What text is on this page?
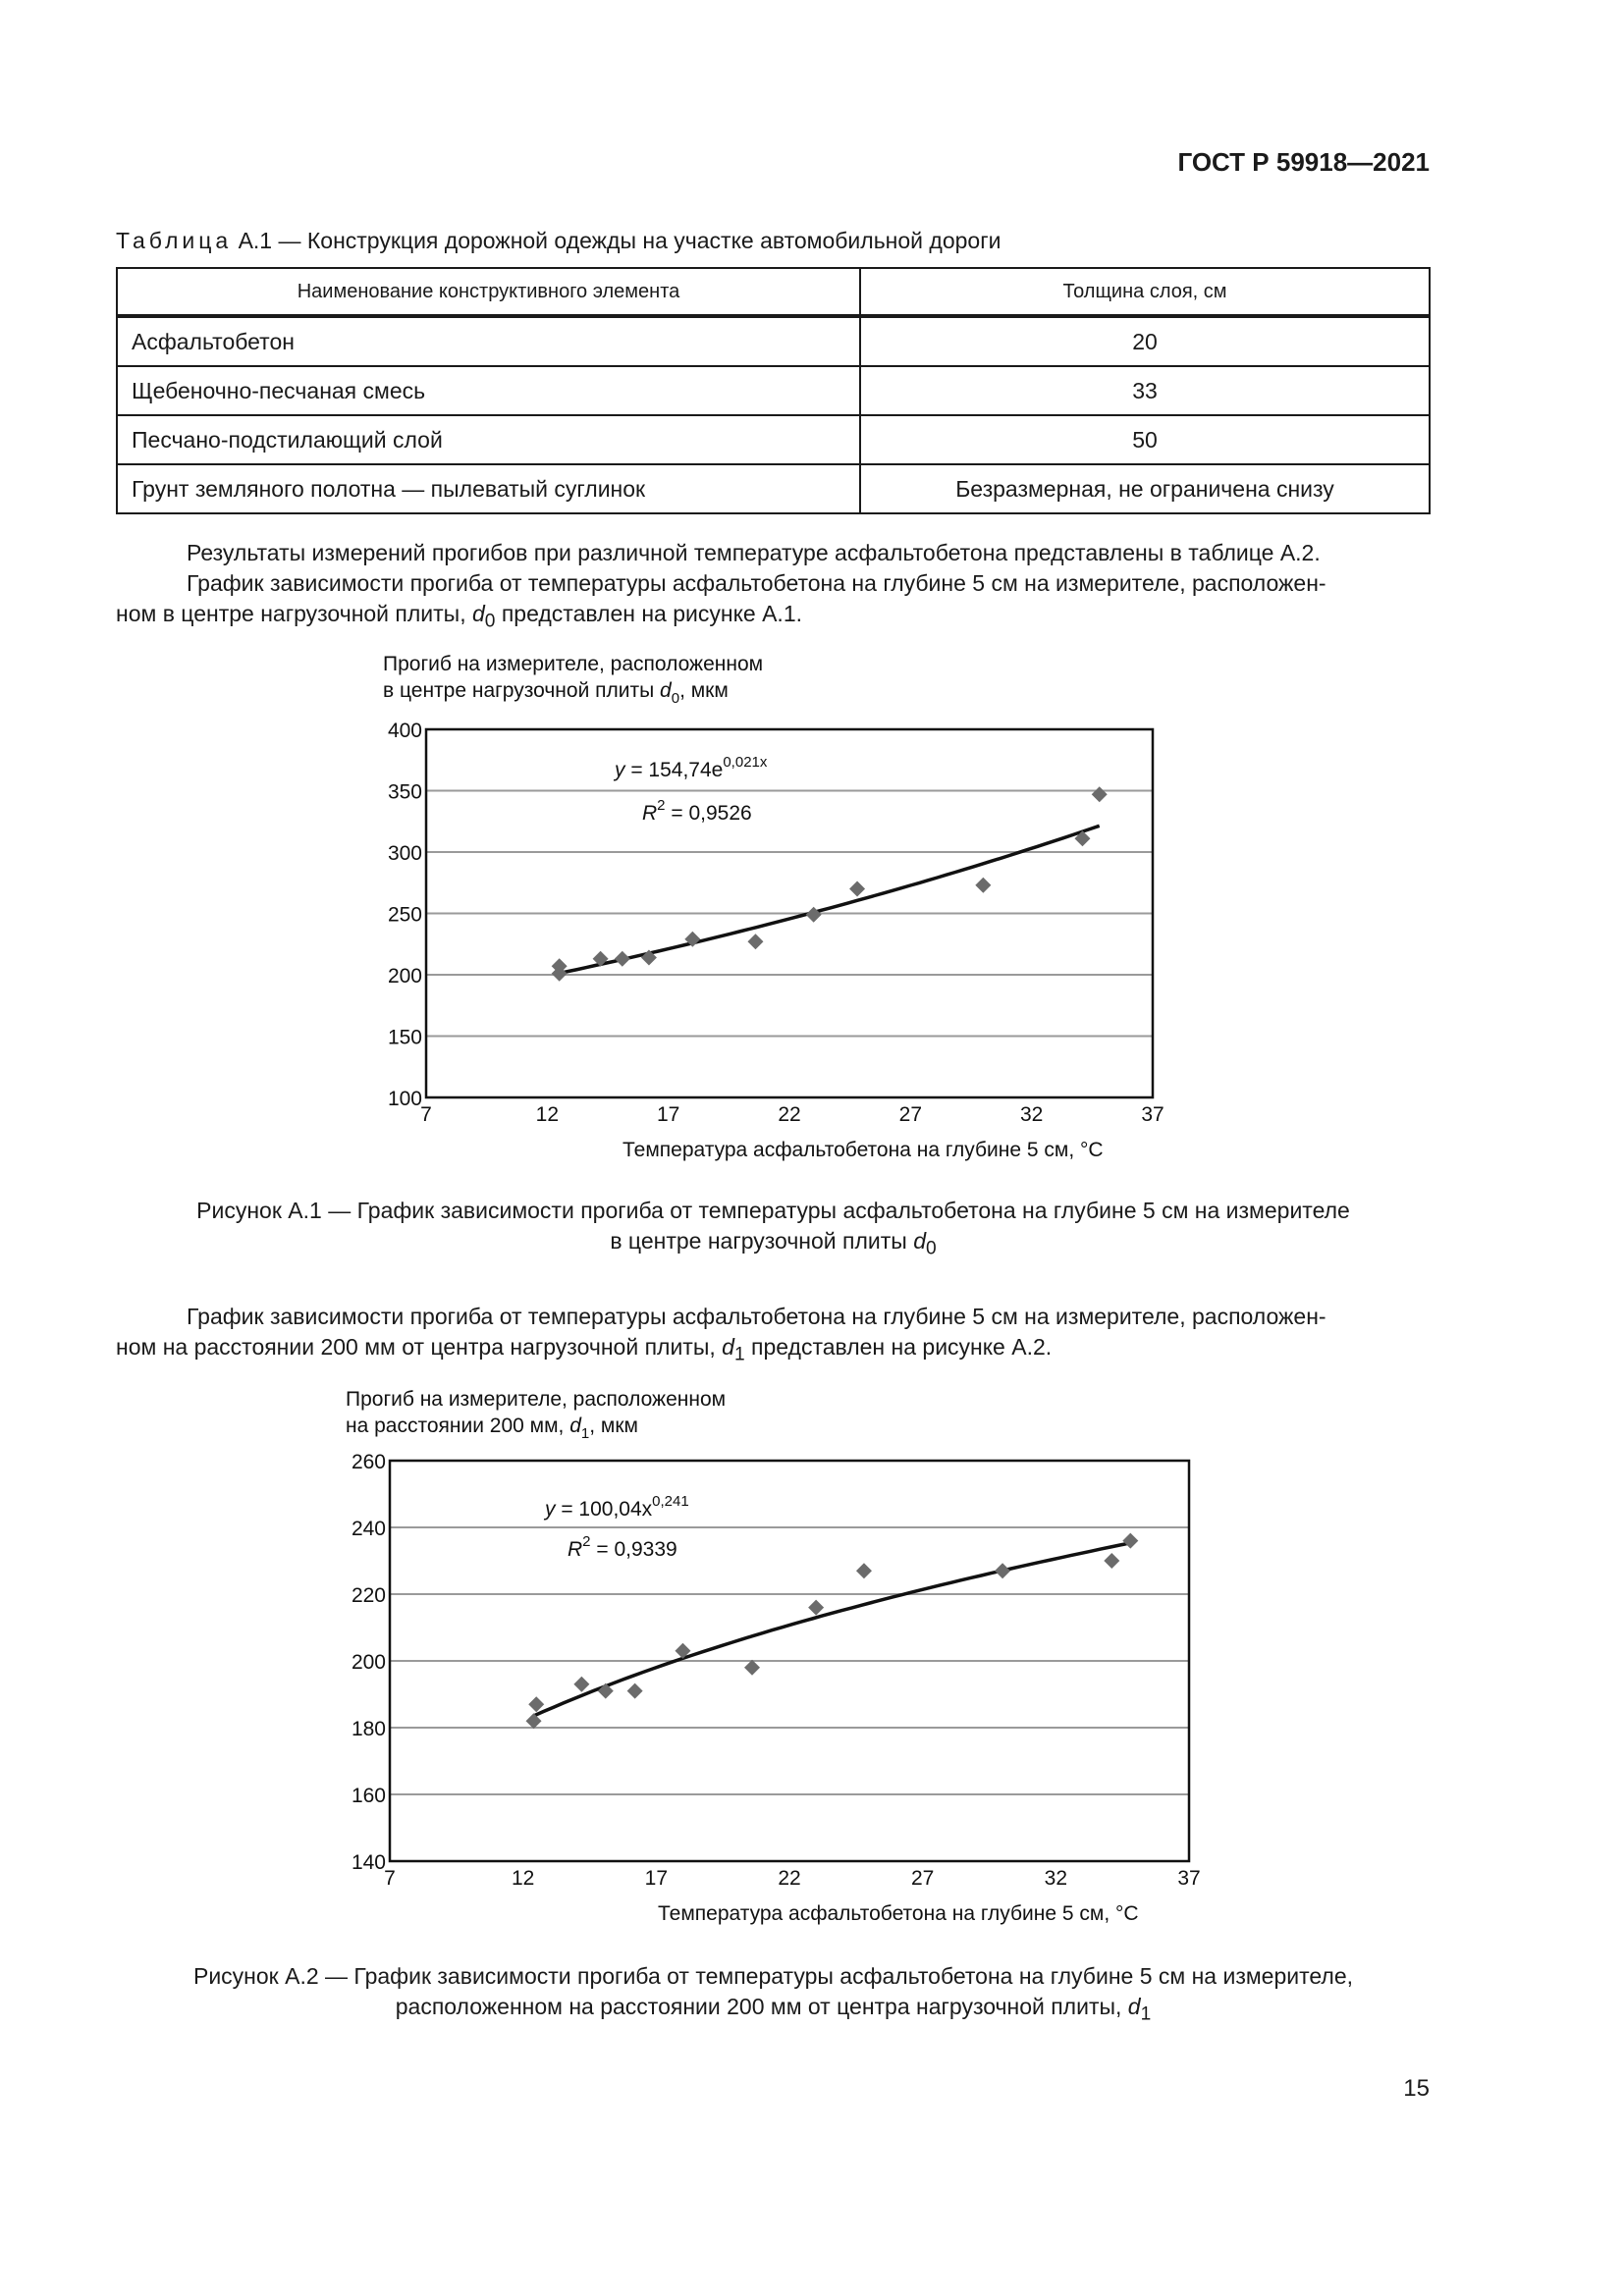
ГОСТ Р 59918—2021
Таблица А.1 — Конструкция дорожной одежды на участке автомобильной дороги
Наименование конструктивного элемента	Толщина слоя, см
Асфальтобетон	20
Щебеночно-песчаная смесь	33
Песчано-подстилающий слой	50
Грунт земляного полотна — пылеватый суглинок	Безразмерная, не ограничена снизу
Результаты измерений прогибов при различной температуре асфальтобетона представлены в таблице А.2.
График зависимости прогиба от температуры асфальтобетона на глубине 5 см на измерителе, расположен-
ном в центре нагрузочной плиты, $d_0$ представлен на рисунке А.1.
Прогиб на измерителе, расположенном
в центре нагрузочной плиты $d_0$, мкм
100
150
200
250
300
350
400
7	12	17	22	27	32	37
$y = 154,74e^{0,021x}$
$R^2 = 0,9526$
Температура асфальтобетона на глубине 5 см, °С
Рисунок А.1 — График зависимости прогиба от температуры асфальтобетона на глубине 5 см на измерителе
в центре нагрузочной плиты $d_0$
График зависимости прогиба от температуры асфальтобетона на глубине 5 см на измерителе, расположен-
ном на расстоянии 200 мм от центра нагрузочной плиты, $d_1$ представлен на рисунке А.2.
Прогиб на измерителе, расположенном
на расстоянии 200 мм, $d_1$, мкм
140
160
180
200
220
240
260
7	12	17	22	27	32	37
$y = 100,04x^{0,241}$
$R^2 = 0,9339$
Температура асфальтобетона на глубине 5 см, °С
Рисунок А.2 — График зависимости прогиба от температуры асфальтобетона на глубине 5 см на измерителе,
расположенном на расстоянии 200 мм от центра нагрузочной плиты, $d_1$
15
